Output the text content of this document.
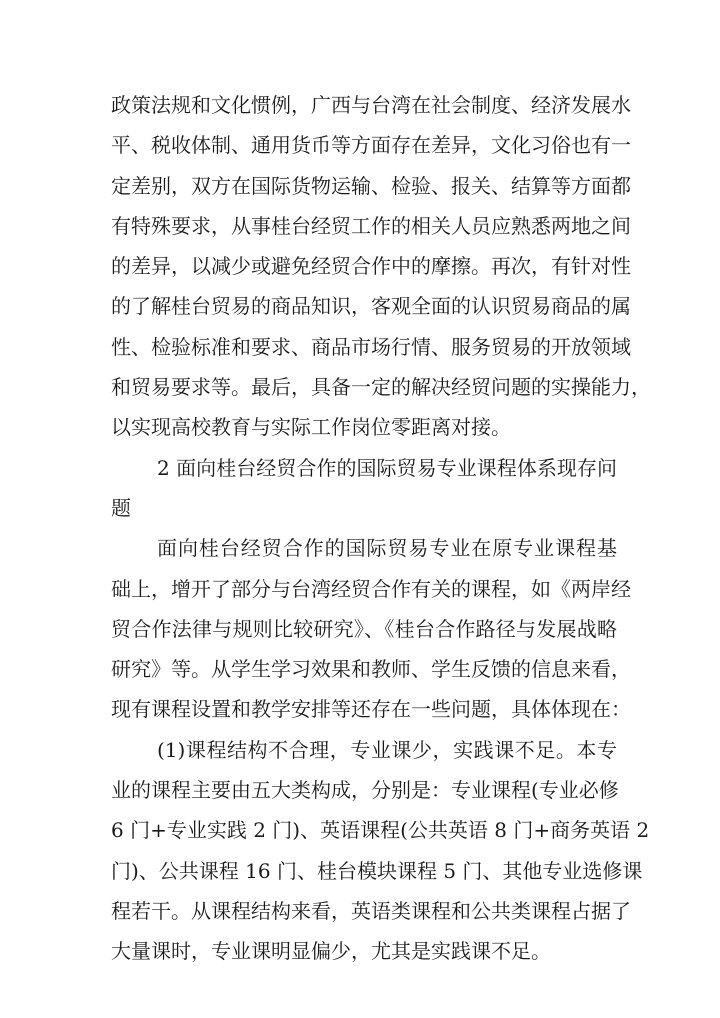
政策法规和文化惯例，广西与台湾在社会制度、经济发展水
平、税收体制、通用货币等方面存在差异，文化习俗也有一
定差别，双方在国际货物运输、检验、报关、结算等方面都
有特殊要求，从事桂台经贸工作的相关人员应熟悉两地之间
的差异，以减少或避免经贸合作中的摩擦。再次，有针对性
的了解桂台贸易的商品知识，客观全面的认识贸易商品的属
性、检验标准和要求、商品市场行情、服务贸易的开放领域
和贸易要求等。最后，具备一定的解决经贸问题的实操能力，
以实现高校教育与实际工作岗位零距离对接。
2 面向桂台经贸合作的国际贸易专业课程体系现存问
题
面向桂台经贸合作的国际贸易专业在原专业课程基
础上，增开了部分与台湾经贸合作有关的课程，如《两岸经
贸合作法律与规则比较研究》、《桂台合作路径与发展战略
研究》等。从学生学习效果和教师、学生反馈的信息来看，
现有课程设置和教学安排等还存在一些问题，具体体现在：
(1)课程结构不合理，专业课少，实践课不足。本专
业的课程主要由五大类构成，分别是：专业课程(专业必修
6 门+专业实践 2 门)、英语课程(公共英语 8 门+商务英语 2
门)、公共课程 16 门、桂台模块课程 5 门、其他专业选修课
程若干。从课程结构来看，英语类课程和公共类课程占据了
大量课时，专业课明显偏少，尤其是实践课不足。
